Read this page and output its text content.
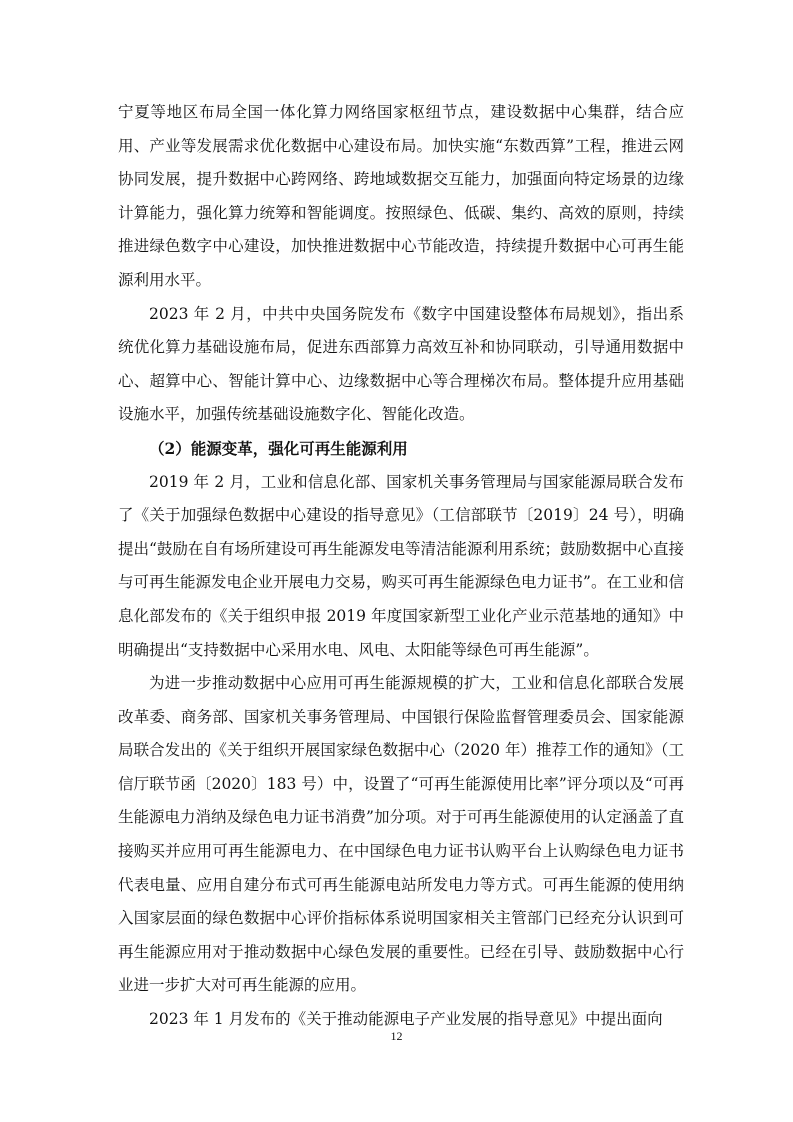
宁夏等地区布局全国一体化算力网络国家枢纽节点，建设数据中心集群，结合应用、产业等发展需求优化数据中心建设布局。加快实施“东数西算”工程，推进云网协同发展，提升数据中心跨网络、跨地域数据交互能力，加强面向特定场景的边缘计算能力，强化算力统筹和智能调度。按照绿色、低碳、集约、高效的原则，持续推进绿色数字中心建设，加快推进数据中心节能改造，持续提升数据中心可再生能源利用水平。

2023 年 2 月，中共中央国务院发布《数字中国建设整体布局规划》，指出系统优化算力基础设施布局，促进东西部算力高效互补和协同联动，引导通用数据中心、超算中心、智能计算中心、边缘数据中心等合理梯次布局。整体提升应用基础设施水平，加强传统基础设施数字化、智能化改造。

（2）能源变革，强化可再生能源利用

2019 年 2 月，工业和信息化部、国家机关事务管理局与国家能源局联合发布了《关于加强绿色数据中心建设的指导意见》（工信部联节〔2019〕24 号），明确提出“鼓励在自有场所建设可再生能源发电等清洁能源利用系统；鼓励数据中心直接与可再生能源发电企业开展电力交易，购买可再生能源绿色电力证书”。在工业和信息化部发布的《关于组织申报 2019 年度国家新型工业化产业示范基地的通知》中明确提出“支持数据中心采用水电、风电、太阳能等绿色可再生能源”。

为进一步推动数据中心应用可再生能源规模的扩大，工业和信息化部联合发展改革委、商务部、国家机关事务管理局、中国银行保险监督管理委员会、国家能源局联合发出的《关于组织开展国家绿色数据中心（2020 年）推荐工作的通知》（工信厅联节函〔2020〕183 号）中，设置了“可再生能源使用比率”评分项以及“可再生能源电力消纳及绿色电力证书消费”加分项。对于可再生能源使用的认定涵盖了直接购买并应用可再生能源电力、在中国绿色电力证书认购平台上认购绿色电力证书代表电量、应用自建分布式可再生能源电站所发电力等方式。可再生能源的使用纳入国家层面的绿色数据中心评价指标体系说明国家相关主管部门已经充分认识到可再生能源应用对于推动数据中心绿色发展的重要性。已经在引导、鼓励数据中心行业进一步扩大对可再生能源的应用。

2023 年 1 月发布的《关于推动能源电子产业发展的指导意见》中提出面向

12
